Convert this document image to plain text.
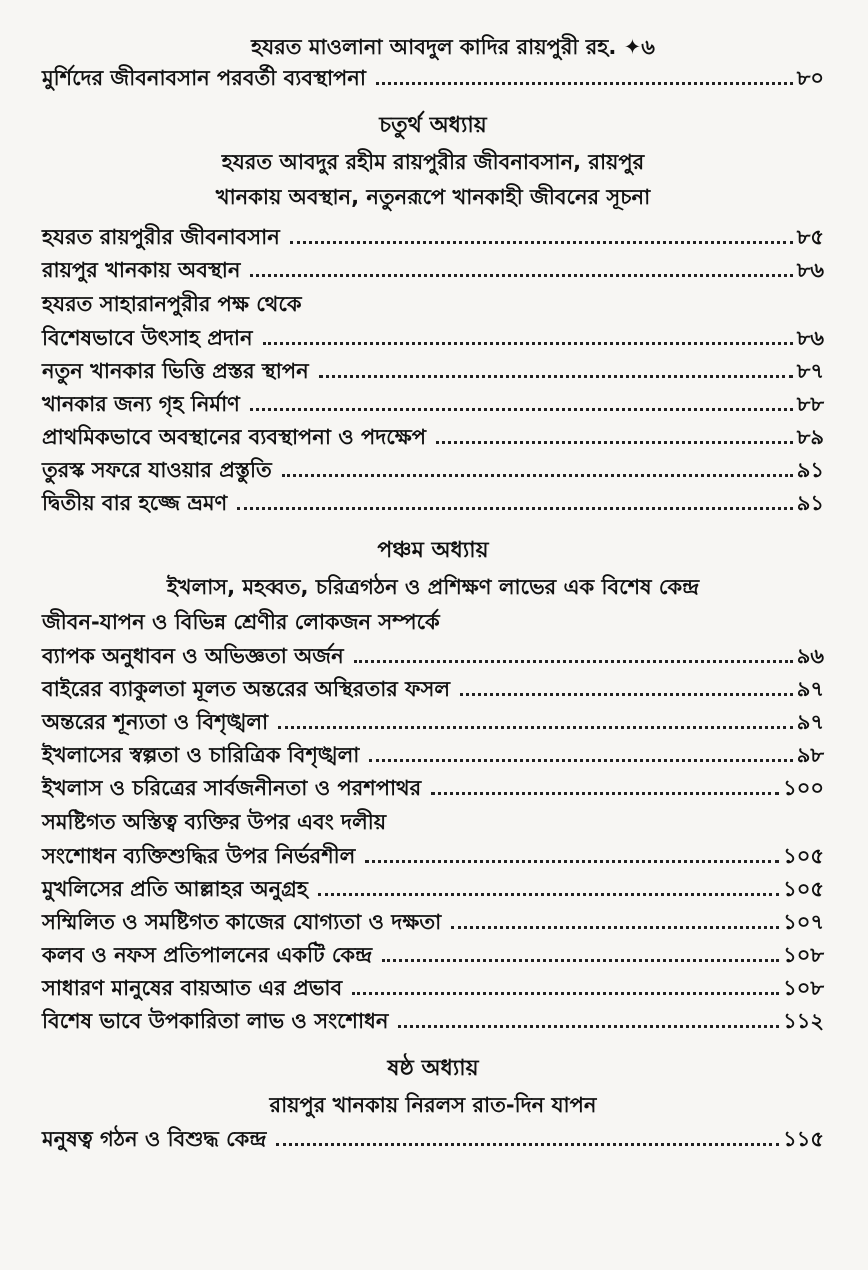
হযরত মাওলানা আবদুল কাদির রায়পুরী রহ. ✦৬
মুর্শিদের জীবনাবসান পরবর্তী ব্যবস্থাপনা	৮০
চতুর্থ অধ্যায়
হযরত আবদুর রহীম রায়পুরীর জীবনাবসান, রায়পুর
খানকায় অবস্থান, নতুনরূপে খানকাহী জীবনের সূচনা
হযরত রায়পুরীর জীবনাবসান	৮৫
রায়পুর খানকায় অবস্থান	৮৬
হযরত সাহারানপুরীর পক্ষ থেকে
বিশেষভাবে উৎসাহ প্রদান	৮৬
নতুন খানকার ভিত্তি প্রস্তর স্থাপন	৮৭
খানকার জন্য গৃহ নির্মাণ	৮৮
প্রাথমিকভাবে অবস্থানের ব্যবস্থাপনা ও পদক্ষেপ	৮৯
তুরস্ক সফরে যাওয়ার প্রস্তুতি	৯১
দ্বিতীয় বার হজ্জে ভ্রমণ	৯১
পঞ্চম অধ্যায়
ইখলাস, মহব্বত, চরিত্রগঠন ও প্রশিক্ষণ লাভের এক বিশেষ কেন্দ্র
জীবন-যাপন ও বিভিন্ন শ্রেণীর লোকজন সম্পর্কে
ব্যাপক অনুধাবন ও অভিজ্ঞতা অর্জন	৯৬
বাইরের ব্যাকুলতা মূলত অন্তরের অস্থিরতার ফসল	৯৭
অন্তরের শূন্যতা ও বিশৃঙ্খলা	৯৭
ইখলাসের স্বল্পতা ও চারিত্রিক বিশৃঙ্খলা	৯৮
ইখলাস ও চরিত্রের সার্বজনীনতা ও পরশপাথর	১০০
সমষ্টিগত অস্তিত্ব ব্যক্তির উপর এবং দলীয়
সংশোধন ব্যক্তিশুদ্ধির উপর নির্ভরশীল	১০৫
মুখলিসের প্রতি আল্লাহর অনুগ্রহ	১০৫
সম্মিলিত ও সমষ্টিগত কাজের যোগ্যতা ও দক্ষতা	১০৭
কলব ও নফস প্রতিপালনের একটি কেন্দ্র	১০৮
সাধারণ মানুষের বায়আত এর প্রভাব	১০৮
বিশেষ ভাবে উপকারিতা লাভ ও সংশোধন	১১২
ষষ্ঠ অধ্যায়
রায়পুর খানকায় নিরলস রাত-দিন যাপন
মনুষত্ব গঠন ও বিশুদ্ধ কেন্দ্র	১১৫
